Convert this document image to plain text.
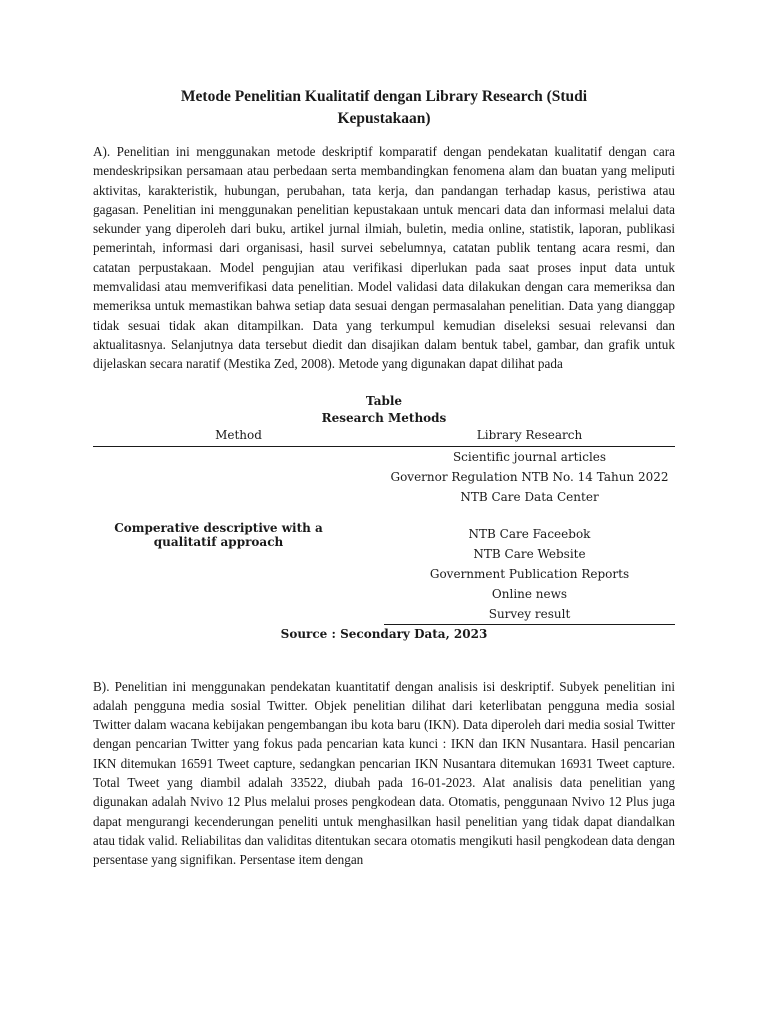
Metode Penelitian Kualitatif dengan Library Research (Studi Kepustakaan)

A). Penelitian ini menggunakan metode deskriptif komparatif dengan pendekatan kualitatif dengan cara mendeskripsikan persamaan atau perbedaan serta membandingkan fenomena alam dan buatan yang meliputi aktivitas, karakteristik, hubungan, perubahan, tata kerja, dan pandangan terhadap kasus, peristiwa atau gagasan. Penelitian ini menggunakan penelitian kepustakaan untuk mencari data dan informasi melalui data sekunder yang diperoleh dari buku, artikel jurnal ilmiah, buletin, media online, statistik, laporan, publikasi pemerintah, informasi dari organisasi, hasil survei sebelumnya, catatan publik tentang acara resmi, dan catatan perpustakaan. Model pengujian atau verifikasi diperlukan pada saat proses input data untuk memvalidasi atau memverifikasi data penelitian. Model validasi data dilakukan dengan cara memeriksa dan memeriksa untuk memastikan bahwa setiap data sesuai dengan permasalahan penelitian. Data yang dianggap tidak sesuai tidak akan ditampilkan. Data yang terkumpul kemudian diseleksi sesuai relevansi dan aktualitasnya. Selanjutnya data tersebut diedit dan disajikan dalam bentuk tabel, gambar, dan grafik untuk dijelaskan secara naratif (Mestika Zed, 2008). Metode yang digunakan dapat dilihat pada

Table
Research Methods
Method	Library Research
Comperative descriptive with a qualitatif approach	Scientific journal articles
	Governor Regulation NTB No. 14 Tahun 2022
	NTB Care Data Center
	NTB Care Faceebok
	NTB Care Website
	Government Publication Reports
	Online news
	Survey result
Source : Secondary Data, 2023

B). Penelitian ini menggunakan pendekatan kuantitatif dengan analisis isi deskriptif. Subyek penelitian ini adalah pengguna media sosial Twitter. Objek penelitian dilihat dari keterlibatan pengguna media sosial Twitter dalam wacana kebijakan pengembangan ibu kota baru (IKN). Data diperoleh dari media sosial Twitter dengan pencarian Twitter yang fokus pada pencarian kata kunci : IKN dan IKN Nusantara. Hasil pencarian IKN ditemukan 16591 Tweet capture, sedangkan pencarian IKN Nusantara ditemukan 16931 Tweet capture. Total Tweet yang diambil adalah 33522, diubah pada 16-01-2023. Alat analisis data penelitian yang digunakan adalah Nvivo 12 Plus melalui proses pengkodean data. Otomatis, penggunaan Nvivo 12 Plus juga dapat mengurangi kecenderungan peneliti untuk menghasilkan hasil penelitian yang tidak dapat diandalkan atau tidak valid. Reliabilitas dan validitas ditentukan secara otomatis mengikuti hasil pengkodean data dengan persentase yang signifikan. Persentase item dengan
